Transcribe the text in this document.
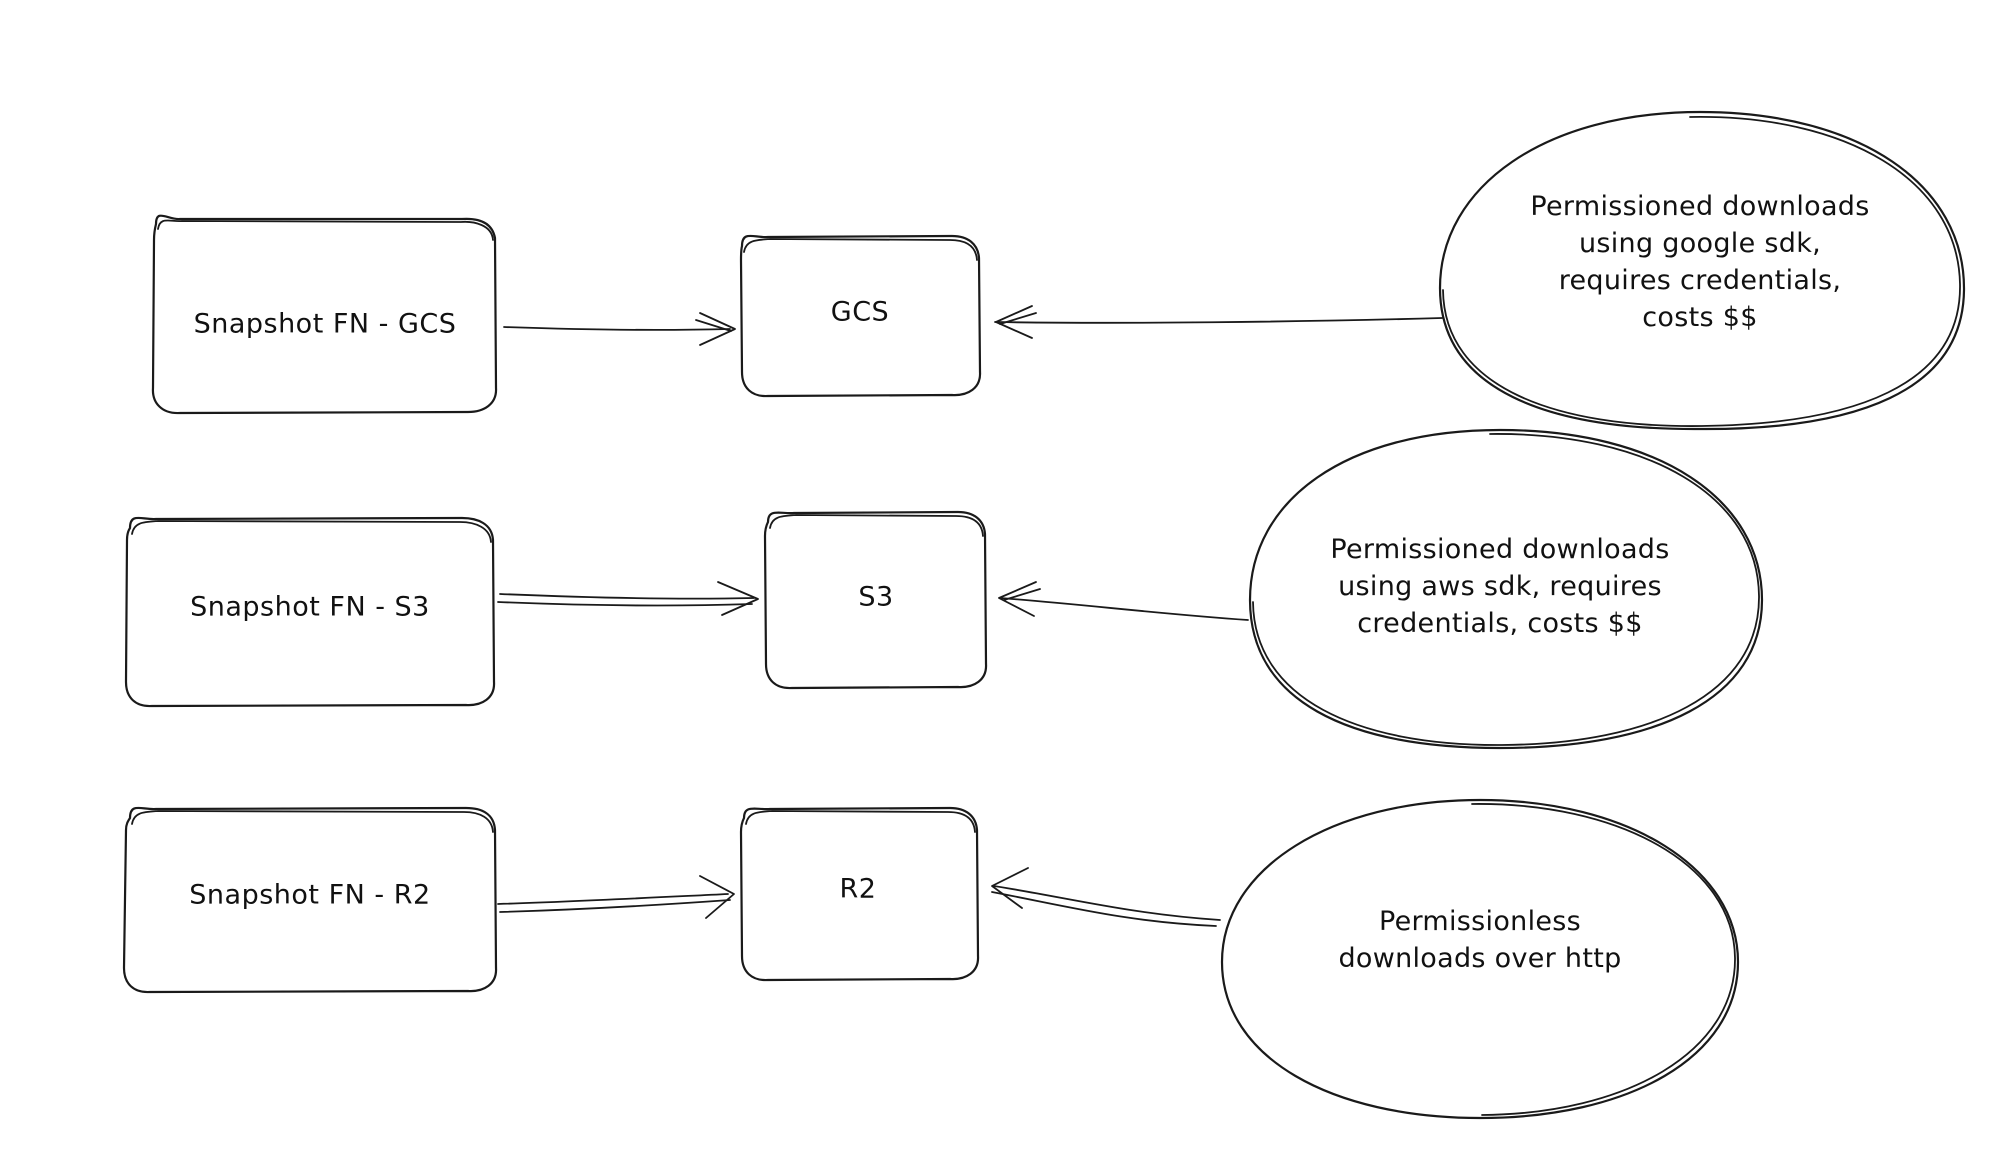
Snapshot FN - GCS	GCS
Permissioned downloads
using google sdk,
requires credentials,
costs $$
Snapshot FN - S3	S3
Permissioned downloads
using aws sdk, requires
credentials, costs $$
Snapshot FN - R2	R2
Permissionless
downloads over http
